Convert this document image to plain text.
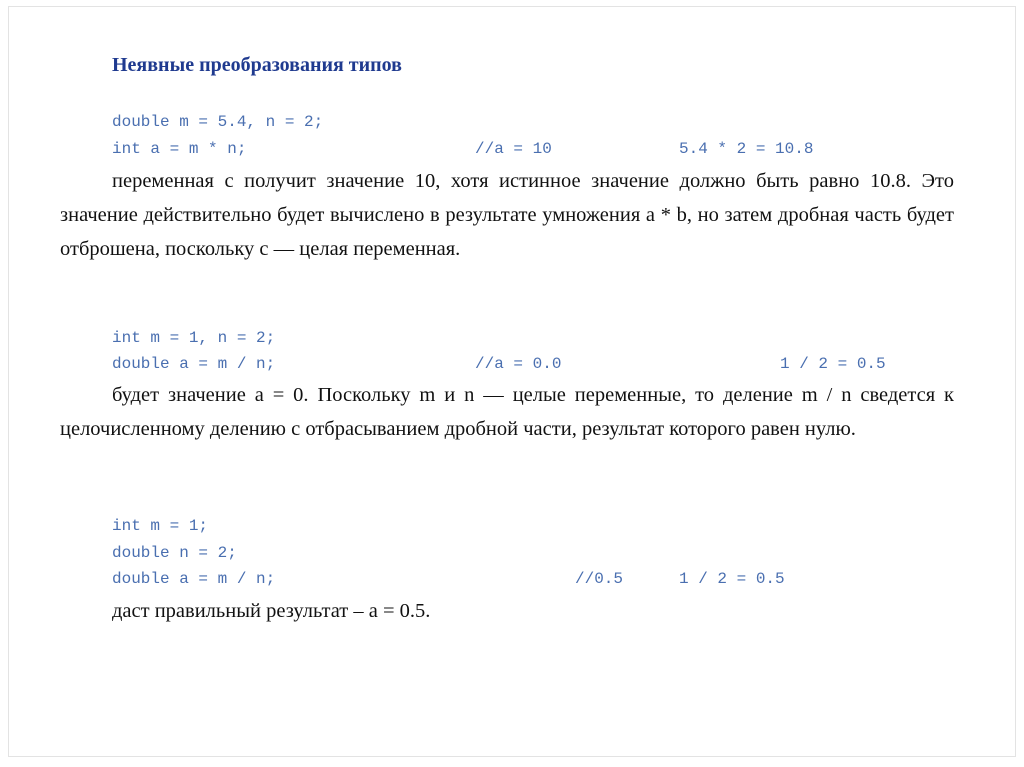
Неявные преобразования типов

double m = 5.4, n = 2;

int a = m * n;

	//a = 10

	5.4 * 2 = 10.8

переменная с получит значение 10, хотя истинное значение должно быть равно 10.8. Это значение действительно будет вычислено в результате умножения a * b, но затем дробная часть будет отброшена, поскольку c — целая переменная.

int m = 1, n = 2;

double a = m / n;

	//a = 0.0

	1 / 2 = 0.5

будет значение a = 0. Поскольку m и n — целые переменные, то деление m / n сведется к целочисленному делению с отбрасыванием дробной части, результат которого равен нулю.

int m = 1;

double n = 2;

double a = m / n;

	//0.5

	1 / 2 = 0.5

даст правильный результат – a = 0.5.
